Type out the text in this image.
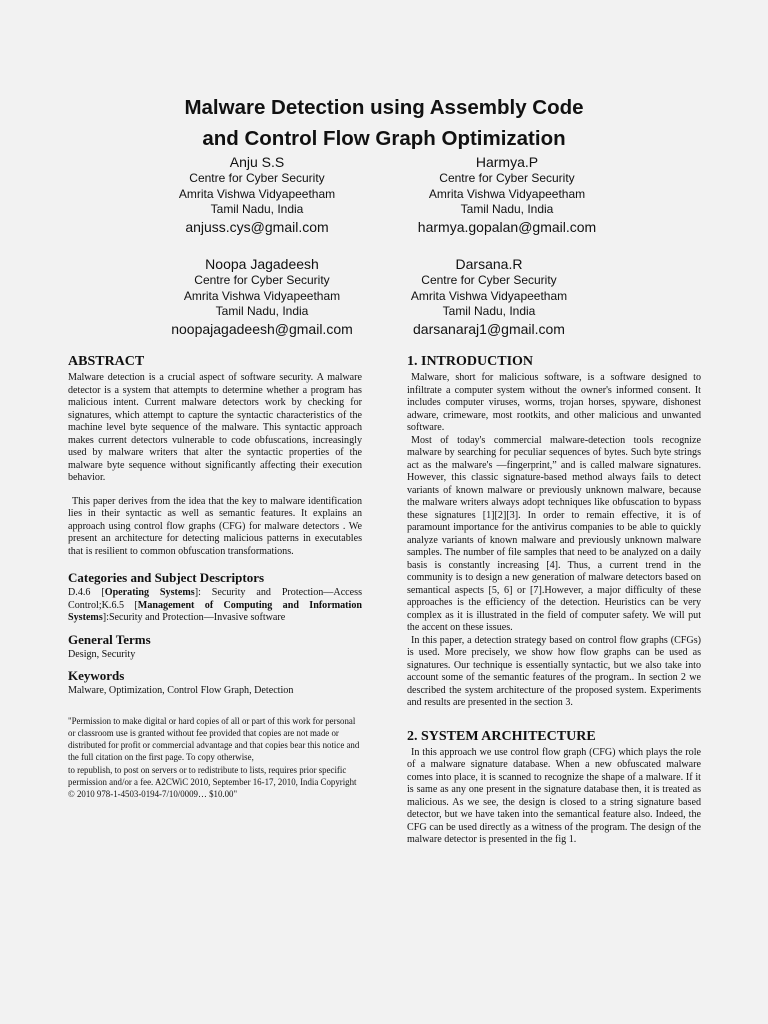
Malware Detection using Assembly Code
and Control Flow Graph Optimization
Anju S.S
Centre for Cyber Security
Amrita Vishwa Vidyapeetham
Tamil Nadu, India
anjuss.cys@gmail.com
Harmya.P
Centre for Cyber Security
Amrita Vishwa Vidyapeetham
Tamil Nadu, India
harmya.gopalan@gmail.com
Noopa Jagadeesh
Centre for Cyber Security
Amrita Vishwa Vidyapeetham
Tamil Nadu, India
noopajagadeesh@gmail.com
Darsana.R
Centre for Cyber Security
Amrita Vishwa Vidyapeetham
Tamil Nadu, India
darsanaraj1@gmail.com
ABSTRACT

Malware detection is a crucial aspect of software security. A malware detector is a system that attempts to determine whether a program has malicious intent. Current malware detectors work by checking for signatures, which attempt to capture the syntactic characteristics of the machine level byte sequence of the malware. This syntactic approach makes current detectors vulnerable to code obfuscations, increasingly used by malware writers that alter the syntactic properties of the malware byte sequence without significantly affecting their execution behavior.

This paper derives from the idea that the key to malware identification lies in their syntactic as well as semantic features. It explains an approach using control flow graphs (CFG) for malware detectors . We present an architecture for detecting malicious patterns in executables that is resilient to common obfuscation transformations.

Categories and Subject Descriptors

D.4.6 [Operating Systems]: Security and Protection—Access Control;K.6.5 [Management of Computing and Information Systems]:Security and Protection—Invasive software

General Terms

Design, Security

Keywords

Malware, Optimization, Control Flow Graph, Detection

"Permission to make digital or hard copies of all or part of this work for personal or classroom use is granted without fee provided that copies are not made or distributed for profit or commercial advantage and that copies bear this notice and the full citation on the first page. To copy otherwise,

to republish, to post on servers or to redistribute to lists, requires prior specific permission and/or a fee. A2CWiC 2010, September 16-17, 2010, India Copyright © 2010 978-1-4503-0194-7/10/0009… $10.00"

1. INTRODUCTION

Malware, short for malicious software, is a software designed to infiltrate a computer system without the owner's informed consent. It includes computer viruses, worms, trojan horses, spyware, dishonest adware, crimeware, most rootkits, and other malicious and unwanted software.

Most of today's commercial malware-detection tools recognize malware by searching for peculiar sequences of bytes. Such byte strings act as the malware's ―fingerprint,” and is called malware signatures. However, this classic signature-based method always fails to detect variants of known malware or previously unknown malware, because the malware writers always adopt techniques like obfuscation to bypass these signatures [1][2][3]. In order to remain effective, it is of paramount importance for the antivirus companies to be able to quickly analyze variants of known malware and previously unknown malware samples. The number of file samples that need to be analyzed on a daily basis is constantly increasing [4]. Thus, a current trend in the community is to design a new generation of malware detectors based on semantical aspects [5, 6] or [7].However, a major difficulty of these approaches is the efficiency of the detection. Heuristics can be very complex as it is illustrated in the field of computer safety. We will put the accent on these issues.

In this paper, a detection strategy based on control flow graphs (CFGs) is used. More precisely, we show how flow graphs can be used as signatures. Our technique is essentially syntactic, but we also take into account some of the semantic features of the program.. In section 2 we described the system architecture of the proposed system. Experiments and results are presented in the section 3.

2. SYSTEM ARCHITECTURE

In this approach we use control flow graph (CFG) which plays the role of a malware signature database. When a new obfuscated malware comes into place, it is scanned to recognize the shape of a malware. If it is same as any one present in the signature database then, it is treated as malicious. As we see, the design is closed to a string signature based detector, but we have taken into the semantical feature also. Indeed, the CFG can be used directly as a witness of the program. The design of the malware detector is presented in the fig 1.
